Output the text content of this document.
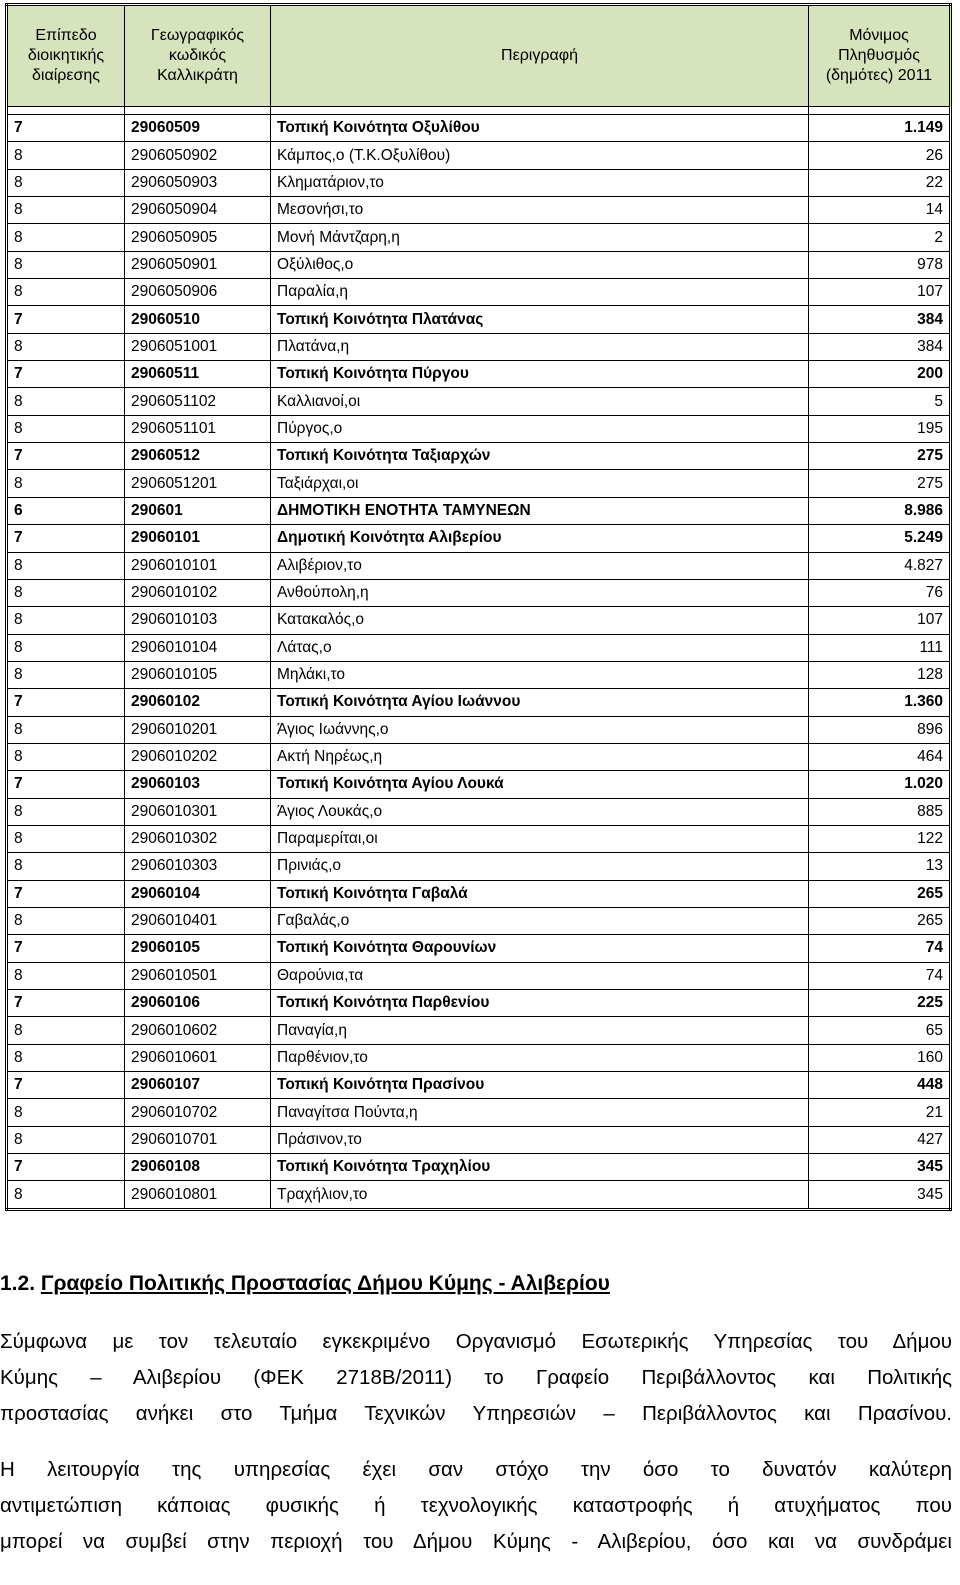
Επίπεδο διοικητικής διαίρεσης	Γεωγραφικός κωδικός Καλλικράτη	Περιγραφή	Μόνιμος Πληθυσμός (δημότες) 2011

7	29060509	Τοπική Κοινότητα Οξυλίθου	1.149
8	2906050902	Κάμπος,ο (Τ.Κ.Οξυλίθου)	26
8	2906050903	Κληματάριον,το	22
8	2906050904	Μεσονήσι,το	14
8	2906050905	Μονή Μάντζαρη,η	2
8	2906050901	Οξύλιθος,ο	978
8	2906050906	Παραλία,η	107
7	29060510	Τοπική Κοινότητα Πλατάνας	384
8	2906051001	Πλατάνα,η	384
7	29060511	Τοπική Κοινότητα Πύργου	200
8	2906051102	Καλλιανοί,οι	5
8	2906051101	Πύργος,ο	195
7	29060512	Τοπική Κοινότητα Ταξιαρχών	275
8	2906051201	Ταξιάρχαι,οι	275
6	290601	ΔΗΜΟΤΙΚΗ ΕΝΟΤΗΤΑ ΤΑΜΥΝΕΩΝ	8.986
7	29060101	Δημοτική Κοινότητα Αλιβερίου	5.249
8	2906010101	Αλιβέριον,το	4.827
8	2906010102	Ανθούπολη,η	76
8	2906010103	Κατακαλός,ο	107
8	2906010104	Λάτας,ο	111
8	2906010105	Μηλάκι,το	128
7	29060102	Τοπική Κοινότητα Αγίου Ιωάννου	1.360
8	2906010201	Άγιος Ιωάννης,ο	896
8	2906010202	Ακτή Νηρέως,η	464
7	29060103	Τοπική Κοινότητα Αγίου Λουκά	1.020
8	2906010301	Άγιος Λουκάς,ο	885
8	2906010302	Παραμερίται,οι	122
8	2906010303	Πρινιάς,ο	13
7	29060104	Τοπική Κοινότητα Γαβαλά	265
8	2906010401	Γαβαλάς,ο	265
7	29060105	Τοπική Κοινότητα Θαρουνίων	74
8	2906010501	Θαρούνια,τα	74
7	29060106	Τοπική Κοινότητα Παρθενίου	225
8	2906010602	Παναγία,η	65
8	2906010601	Παρθένιον,το	160
7	29060107	Τοπική Κοινότητα Πρασίνου	448
8	2906010702	Παναγίτσα Πούντα,η	21
8	2906010701	Πράσινον,το	427
7	29060108	Τοπική Κοινότητα Τραχηλίου	345
8	2906010801	Τραχήλιον,το	345
1.2. Γραφείο Πολιτικής Προστασίας Δήμου Κύμης - Αλιβερίου

Σύμφωνα με τον τελευταίο εγκεκριμένο Οργανισμό Εσωτερικής Υπηρεσίας του Δήμου

Κύμης – Αλιβερίου (ΦΕΚ 2718Β/2011) το Γραφείο Περιβάλλοντος και Πολιτικής

προστασίας ανήκει στο Τμήμα Τεχνικών Υπηρεσιών – Περιβάλλοντος και Πρασίνου.

Η λειτουργία της υπηρεσίας έχει σαν στόχο την όσο το δυνατόν καλύτερη

αντιμετώπιση κάποιας φυσικής ή τεχνολογικής καταστροφής ή ατυχήματος που

μπορεί να συμβεί στην περιοχή του Δήμου Κύμης - Αλιβερίου, όσο και να συνδράμει
